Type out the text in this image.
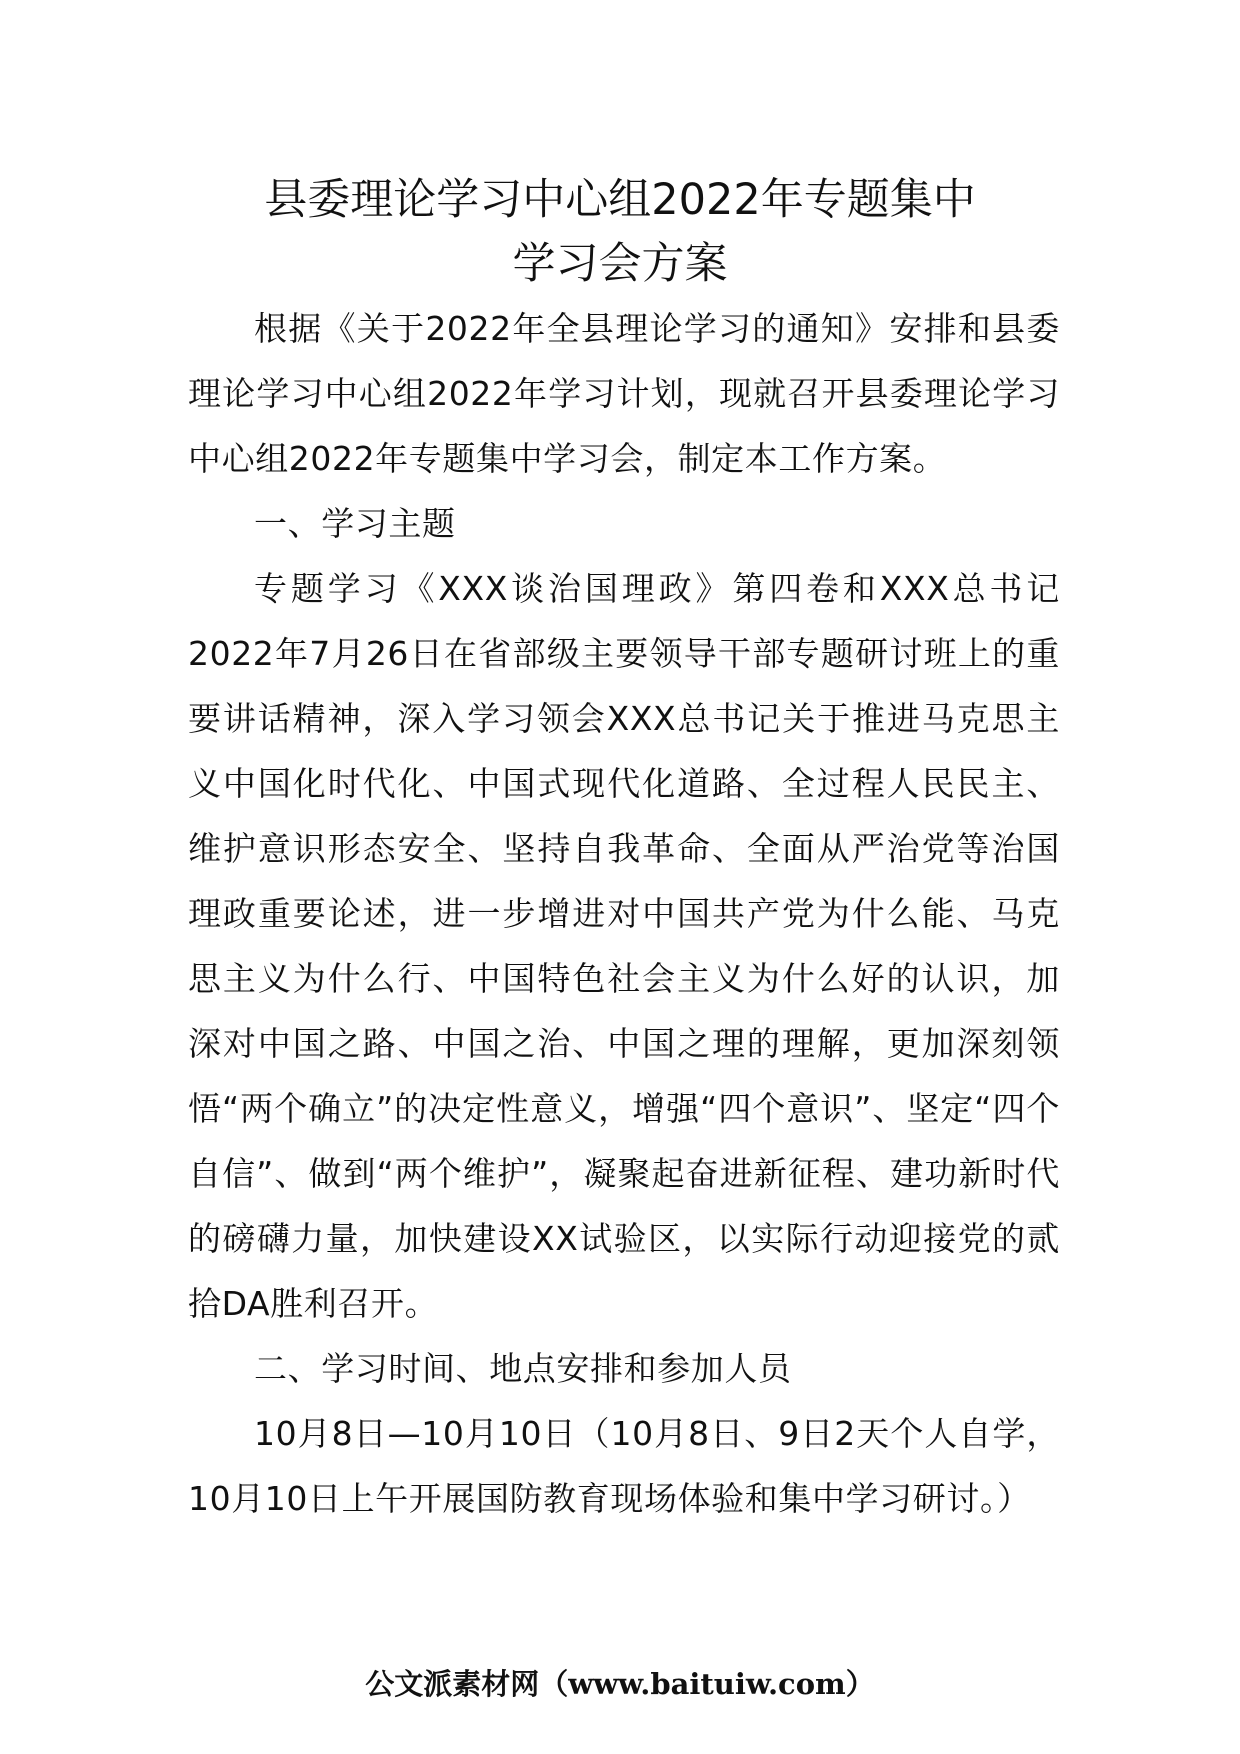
县委理论学习中心组2022年专题集中
学习会方案

根据《关于2022年全县理论学习的通知》安排和县委理论学习中心组2022年学习计划，现就召开县委理论学习中心组2022年专题集中学习会，制定本工作方案。

一、学习主题

专题学习《XXX谈治国理政》第四卷和XXX总书记2022年7月26日在省部级主要领导干部专题研讨班上的重要讲话精神，深入学习领会XXX总书记关于推进马克思主义中国化时代化、中国式现代化道路、全过程人民民主、维护意识形态安全、坚持自我革命、全面从严治党等治国理政重要论述，进一步增进对中国共产党为什么能、马克思主义为什么行、中国特色社会主义为什么好的认识，加深对中国之路、中国之治、中国之理的理解，更加深刻领悟“两个确立”的决定性意义，增强“四个意识”、坚定“四个自信”、做到“两个维护”，凝聚起奋进新征程、建功新时代的磅礴力量，加快建设XX试验区，以实际行动迎接党的贰拾DA胜利召开。

二、学习时间、地点安排和参加人员

10月8日—10月10日（10月8日、9日2天个人自学，10月10日上午开展国防教育现场体验和集中学习研讨。）

公文派素材网（www.baituiw.com）
